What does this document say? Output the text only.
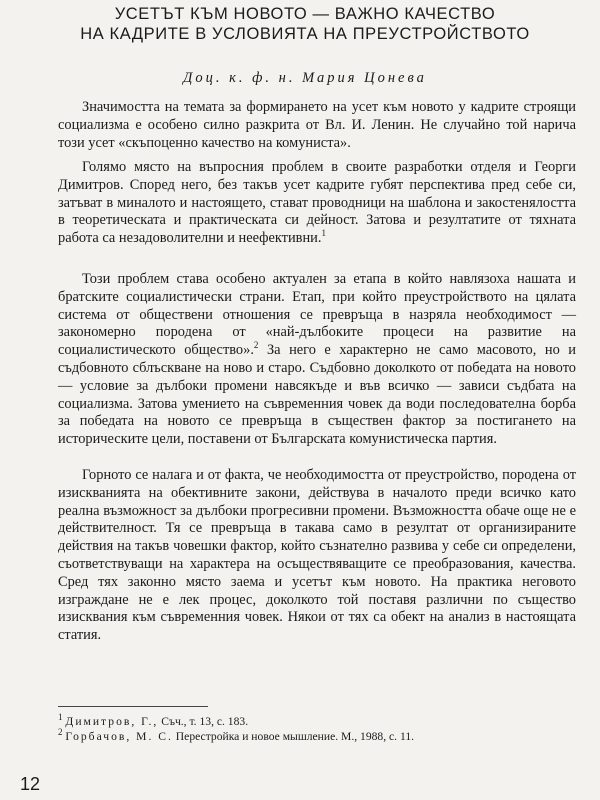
УСЕТЪТ КЪМ НОВОТО — ВАЖНО КАЧЕСТВО
НА КАДРИТЕ В УСЛОВИЯТА НА ПРЕУСТРОЙСТВОТО
Доц. к. ф. н. Мария Цонева
Значимостта на темата за формирането на усет към новото у кадрите строящи социализма е особено силно разкрита от Вл. И. Ленин. Не случайно той нарича този усет «скъпоценно качество на комуниста».
Голямо място на въпросния проблем в своите разработки отделя и Георги Димитров. Според него, без такъв усет кадрите губят перспектива пред себе си, затъват в миналото и настоящето, стават проводници на шаблона и закостенялостта в теоретическата и практическата си дейност. Затова и резултатите от тяхната работа са незадоволителни и неефективни.$^1$
Този проблем става особено актуален за етапа в който навлязоха нашата и братските социалистически страни. Етап, при който преустройството на цялата система от обществени отношения се превръща в назряла необходимост — закономерно породена от «най-дълбоките процеси на развитие на социалистическото общество».$^2$ За него е характерно не само масовото, но и съдбовното сблъскване на ново и старо. Съдбовно доколкото от победата на новото — условие за дълбоки промени навсякъде и във всичко — зависи съдбата на социализма. Затова умението на съвременния човек да води последователна борба за победата на новото се превръща в съществен фактор за постигането на историческите цели, поставени от Българската комунистическа партия.
Горното се налага и от факта, че необходимостта от преустройство, породена от изискванията на обективните закони, действува в началото преди всичко като реална възможност за дълбоки прогресивни промени. Възможността обаче още не е действителност. Тя се превръща в такава само в резултат от организираните действия на такъв човешки фактор, който съзнателно развива у себе си определени, съответствуващи на характера на осъществяващите се преобразования, качества. Сред тях законно място заема и усетът към новото. На практика неговото изграждане не е лек процес, доколкото той поставя различни по същество изисквания към съвременния човек. Някои от тях са обект на анализ в настоящата статия.
$^1$ Димитров, Г., Съч., т. 13, с. 183.
$^2$ Горбачов, М. С. Перестройка и новое мышление. М., 1988, с. 11.
12
